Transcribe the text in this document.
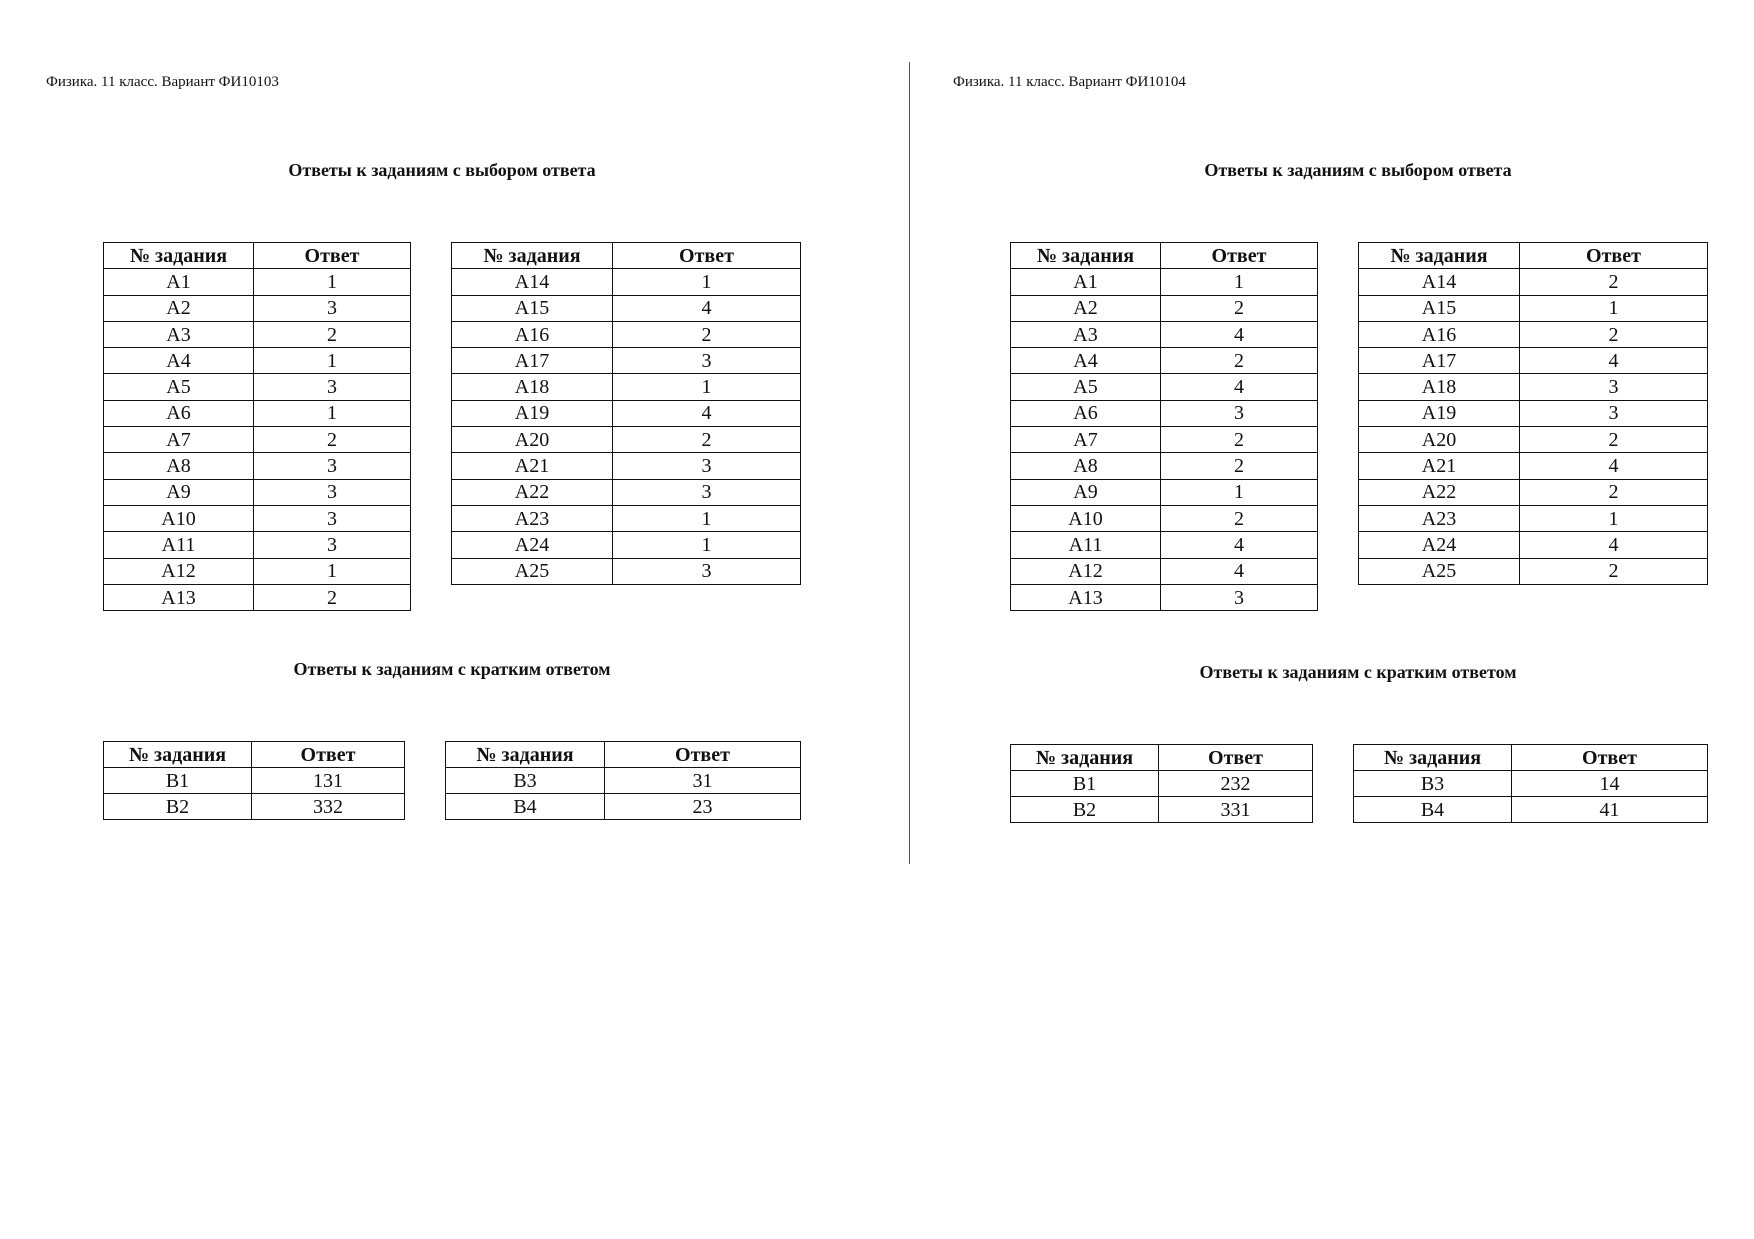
Физика. 11 класс. Вариант ФИ10103
Ответы к заданиям с выбором ответа
№ задания	Ответ
А1	1
А2	3
А3	2
А4	1
А5	3
А6	1
А7	2
А8	3
А9	3
А10	3
А11	3
А12	1
А13	2
№ задания	Ответ
А14	1
А15	4
А16	2
А17	3
А18	1
А19	4
А20	2
А21	3
А22	3
А23	1
А24	1
А25	3
Ответы к заданиям с кратким ответом
№ задания	Ответ
В1	131
В2	332
№ задания	Ответ
В3	31
В4	23
Физика. 11 класс. Вариант ФИ10104
Ответы к заданиям с выбором ответа
№ задания	Ответ
А1	1
А2	2
А3	4
А4	2
А5	4
А6	3
А7	2
А8	2
А9	1
А10	2
А11	4
А12	4
А13	3
№ задания	Ответ
А14	2
А15	1
А16	2
А17	4
А18	3
А19	3
А20	2
А21	4
А22	2
А23	1
А24	4
А25	2
Ответы к заданиям с кратким ответом
№ задания	Ответ
В1	232
В2	331
№ задания	Ответ
В3	14
В4	41
